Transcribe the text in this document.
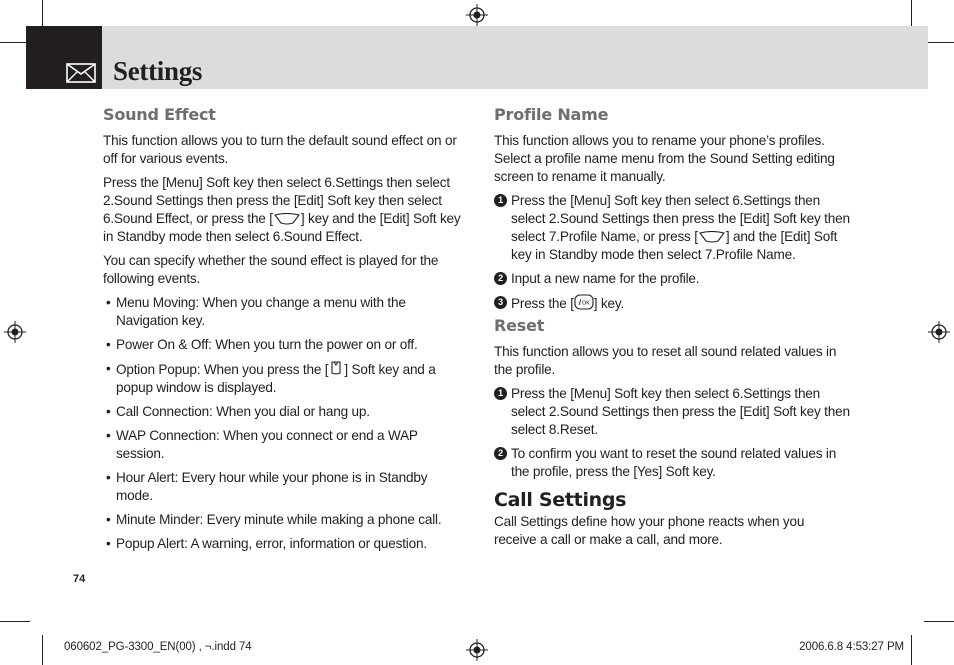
Settings
Sound Effect

This function allows you to turn the default sound effect on or off for various events.

Press the [Menu] Soft key then select 6.Settings then select 2.Sound Settings then press the [Edit] Soft key then select 6.Sound Effect, or press the [ ] key and the [Edit] Soft key in Standby mode then select 6.Sound Effect.

You can specify whether the sound effect is played for the following events.

• Menu Moving: When you change a menu with the Navigation key.
• Power On & Off: When you turn the power on or off.
• Option Popup: When you press the [ ] Soft key and a popup window is displayed.
• Call Connection: When you dial or hang up.
• WAP Connection: When you connect or end a WAP session.
• Hour Alert: Every hour while your phone is in Standby mode.
• Minute Minder: Every minute while making a phone call.
• Popup Alert: A warning, error, information or question.
74
Profile Name

This function allows you to rename your phone’s profiles. Select a profile name menu from the Sound Setting editing screen to rename it manually.

1 Press the [Menu] Soft key then select 6.Settings then select 2.Sound Settings then press the [Edit] Soft key then select 7.Profile Name, or press [ ] and the [Edit] Soft key in Standby mode then select 7.Profile Name.
2 Input a new name for the profile.
3 Press the [ OK ] key.
Reset

This function allows you to reset all sound related values in the profile.

1 Press the [Menu] Soft key then select 6.Settings then select 2.Sound Settings then press the [Edit] Soft key then select 8.Reset.
2 To confirm you want to reset the sound related values in the profile, press the [Yes] Soft key.
Call Settings

Call Settings define how your phone reacts when you receive a call or make a call, and more.

060602_PG-3300_EN(00) , ¬.indd 74	2006.6.8 4:53:27 PM
